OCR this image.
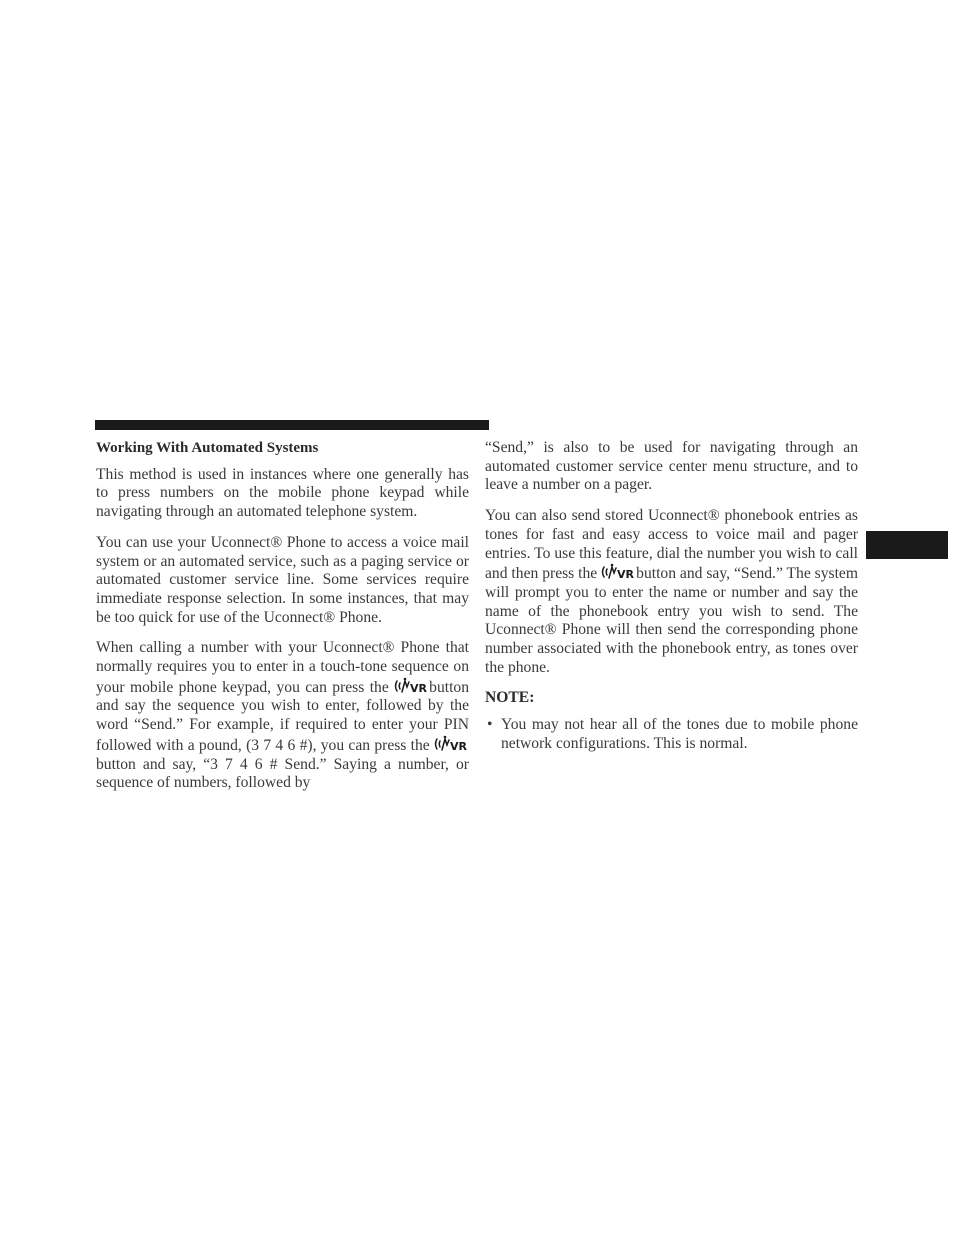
Working With Automated Systems

This method is used in instances where one generally has to press numbers on the mobile phone keypad while navigating through an automated telephone system.

You can use your Uconnect® Phone to access a voice mail system or an automated service, such as a paging service or automated customer service line. Some services require immediate response selection. In some instances, that may be too quick for use of the Uconnect® Phone.

When calling a number with your Uconnect® Phone that normally requires you to enter in a touch-tone sequence on your mobile phone keypad, you can press the VR button and say the sequence you wish to enter, followed by the word “Send.” For example, if required to enter your PIN followed with a pound, (3 7 4 6 #), you can press the VR
button and say, “3 7 4 6 # Send.” Saying a number, or sequence of numbers, followed by

“Send,” is also to be used for navigating through an automated customer service center menu structure, and to leave a number on a pager.

You can also send stored Uconnect® phonebook entries as tones for fast and easy access to voice mail and pager entries. To use this feature, dial the number you wish to call and then press the VR button and say, “Send.” The system will prompt you to enter the name or number and say the name of the phonebook entry you wish to send. The Uconnect® Phone will then send the corresponding phone number associated with the phonebook entry, as tones over the phone.

NOTE:
• You may not hear all of the tones due to mobile phone network configurations. This is normal.
